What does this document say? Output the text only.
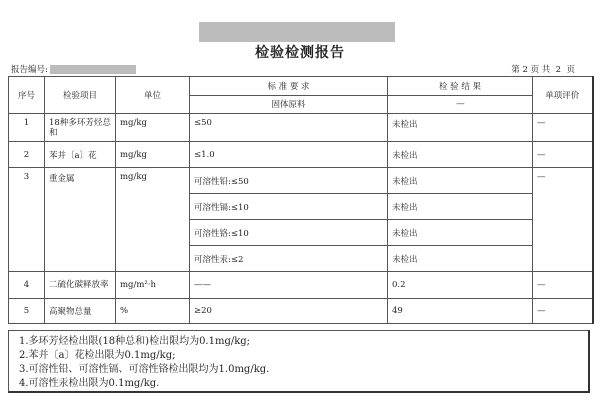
检验检测报告
报告编号:	第 2 页 共  2  页
序号	检验项目	单位	标 准 要 求	检 验 结 果	单项评价
			固体原料	----	
1	18种多环芳烃总和	mg/kg	≤50	未检出	----
2	苯并〔a〕花	mg/kg	≤1.0	未检出	----
3	重金属	mg/kg	可溶性铅:≤50	未检出	----
			可溶性镉:≤10	未检出	
			可溶性铬:≤10	未检出	
			可溶性汞:≤2	未检出	
4	二硫化碳释放率	mg/m²·h	——	0.2	----
5	高聚物总量	%	≥20	49	----
1.多环芳烃检出限(18种总和)检出限均为0.1mg/kg;
2.苯并〔a〕花检出限为0.1mg/kg;
3.可溶性铅、可溶性镉、可溶性铬检出限均为1.0mg/kg.
4.可溶性汞检出限为0.1mg/kg.
